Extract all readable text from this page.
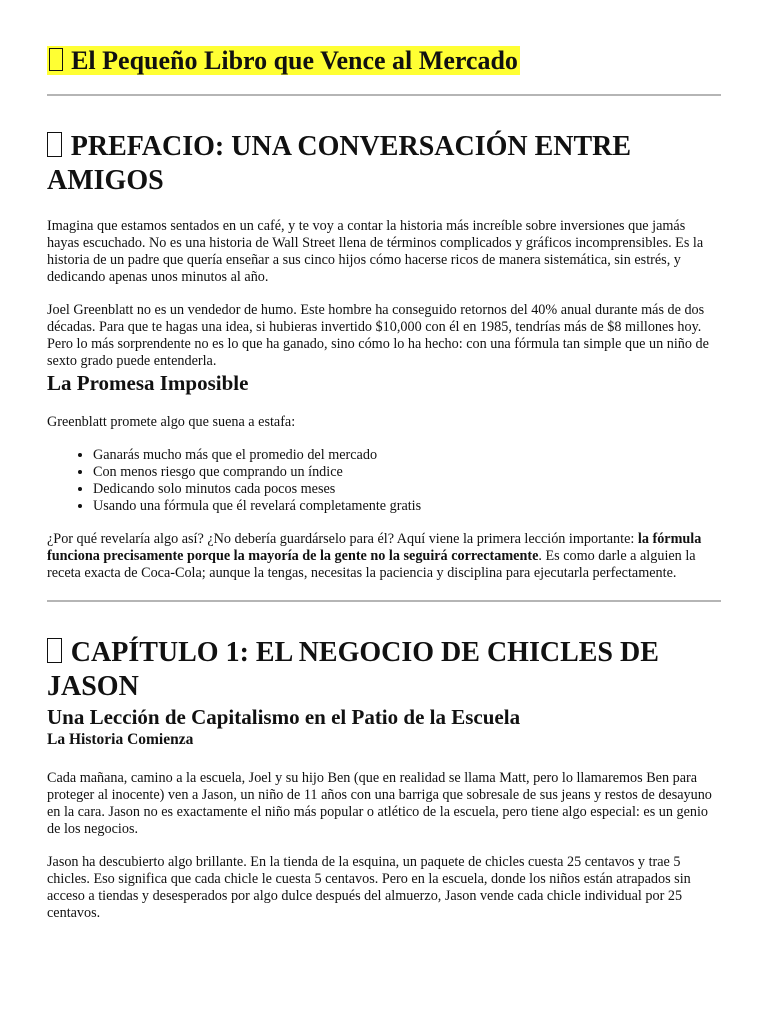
El Pequeño Libro que Vence al Mercado
PREFACIO: UNA CONVERSACIÓN ENTRE AMIGOS

Imagina que estamos sentados en un café, y te voy a contar la historia más increíble sobre inversiones que jamás hayas escuchado. No es una historia de Wall Street llena de términos complicados y gráficos incomprensibles. Es la historia de un padre que quería enseñar a sus cinco hijos cómo hacerse ricos de manera sistemática, sin estrés, y dedicando apenas unos minutos al año.

Joel Greenblatt no es un vendedor de humo. Este hombre ha conseguido retornos del 40% anual durante más de dos décadas. Para que te hagas una idea, si hubieras invertido $10,000 con él en 1985, tendrías más de $8 millones hoy. Pero lo más sorprendente no es lo que ha ganado, sino cómo lo ha hecho: con una fórmula tan simple que un niño de sexto grado puede entenderla.

La Promesa Imposible

Greenblatt promete algo que suena a estafa:

• Ganarás mucho más que el promedio del mercado
• Con menos riesgo que comprando un índice
• Dedicando solo minutos cada pocos meses
• Usando una fórmula que él revelará completamente gratis

¿Por qué revelaría algo así? ¿No debería guardárselo para él? Aquí viene la primera lección importante: la fórmula funciona precisamente porque la mayoría de la gente no la seguirá correctamente. Es como darle a alguien la receta exacta de Coca-Cola; aunque la tengas, necesitas la paciencia y disciplina para ejecutarla perfectamente.

CAPÍTULO 1: EL NEGOCIO DE CHICLES DE JASON
Una Lección de Capitalismo en el Patio de la Escuela
La Historia Comienza

Cada mañana, camino a la escuela, Joel y su hijo Ben (que en realidad se llama Matt, pero lo llamaremos Ben para proteger al inocente) ven a Jason, un niño de 11 años con una barriga que sobresale de sus jeans y restos de desayuno en la cara. Jason no es exactamente el niño más popular o atlético de la escuela, pero tiene algo especial: es un genio de los negocios.

Jason ha descubierto algo brillante. En la tienda de la esquina, un paquete de chicles cuesta 25 centavos y trae 5 chicles. Eso significa que cada chicle le cuesta 5 centavos. Pero en la escuela, donde los niños están atrapados sin acceso a tiendas y desesperados por algo dulce después del almuerzo, Jason vende cada chicle individual por 25 centavos.
